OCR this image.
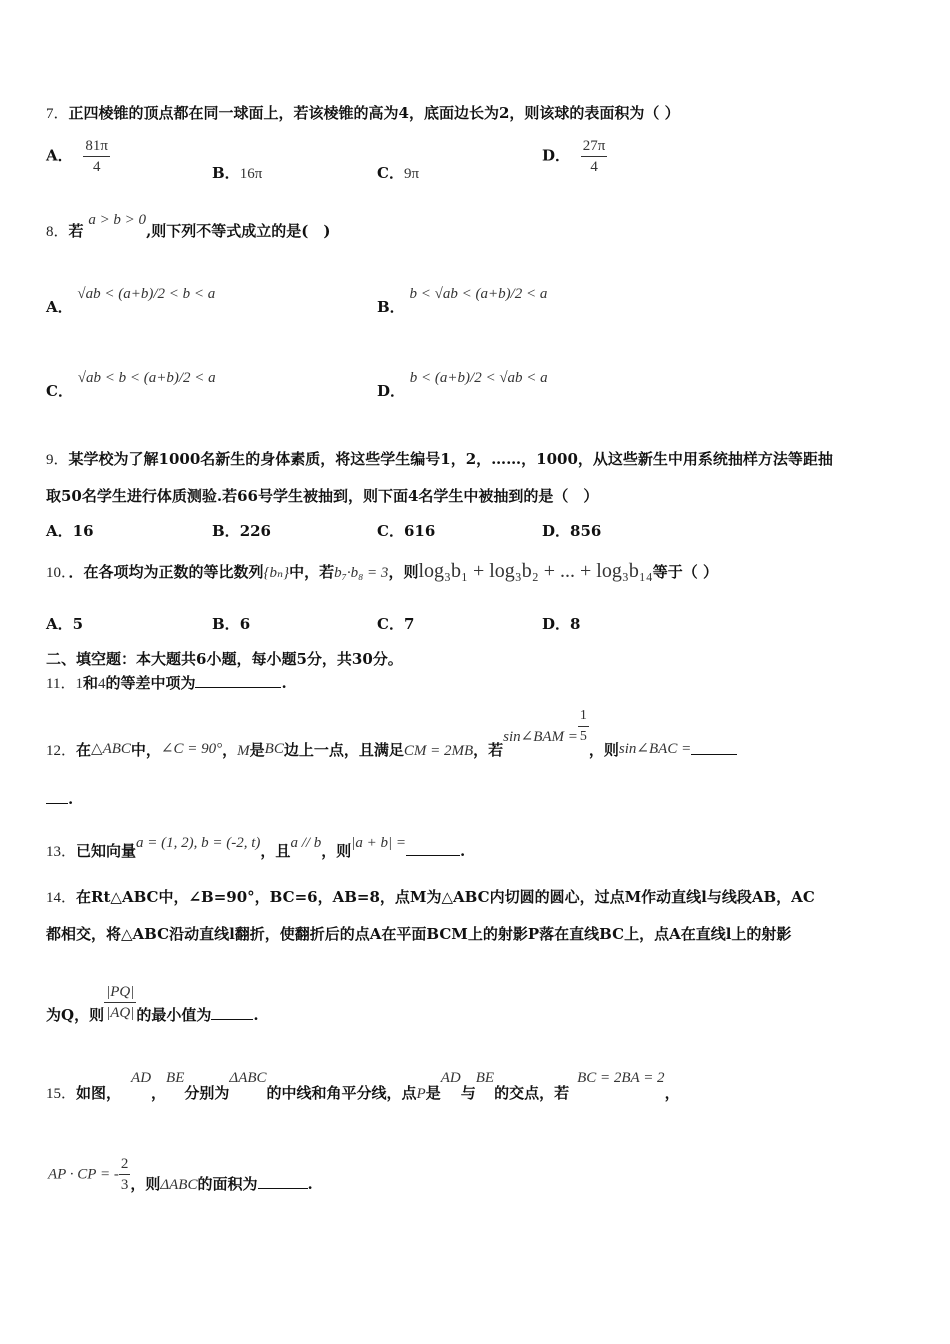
7．正四棱锥的顶点都在同一球面上，若该棱锥的高为4，底面边长为2，则该球的表面积为（ ）
A． $\frac{81\pi}{4}$	B．16π	C．9π
D． $\frac{27\pi}{4}$
8．若 a > b > 0,则下列不等式成立的是(　)
A． √ab < (a+b)/2 < b < a
B． b < √ab < (a+b)/2 < a
C． √ab < b < (a+b)/2 < a
D． b < (a+b)/2 < √ab < a
9．某学校为了解1000名新生的身体素质，将这些学生编号1，2，……，1000，从这些新生中用系统抽样方法等距抽
取50名学生进行体质测验.若66号学生被抽到，则下面4名学生中被抽到的是（　）
A．16	B．226	C．616	D．856
10．．在各项均为正数的等比数列{bₙ}中，若b₇·b₈ = 3，则log₃b₁ + log₃b₂ + ... + log₃b₁₄等于（ ）
A．5	B．6	C．7	D．8
二、填空题：本大题共6小题，每小题5分，共30分。
11．1和4的等差中项为	.
12．在△ABC中，∠C = 90°，M是BC边上一点，且满足CM = 2MB，若sin∠BAM = $\frac{1}{5}$
，则sin∠BAC =
.
13．已知向量a = (1, 2), b = (-2, t)，且a // b，则|a + b| =	.
14．在Rt△ABC中，∠B=90°，BC=6，AB=8，点M为△ABC内切圆的圆心，过点M作动直线l与线段AB，AC
都相交，将△ABC沿动直线l翻折，使翻折后的点A在平面BCM上的射影P落在直线BC上，点A在直线l上的射影
为Q，则 $\frac{|PQ|}{|AQ|}$ 的最小值为	.
15．如图，AD，BE分别为ΔABC的中线和角平分线，点P是AD与BE的交点，若BC = 2BA = 2，
AP · CP = - $\frac{2}{3}$ ，则ΔABC的面积为	.
